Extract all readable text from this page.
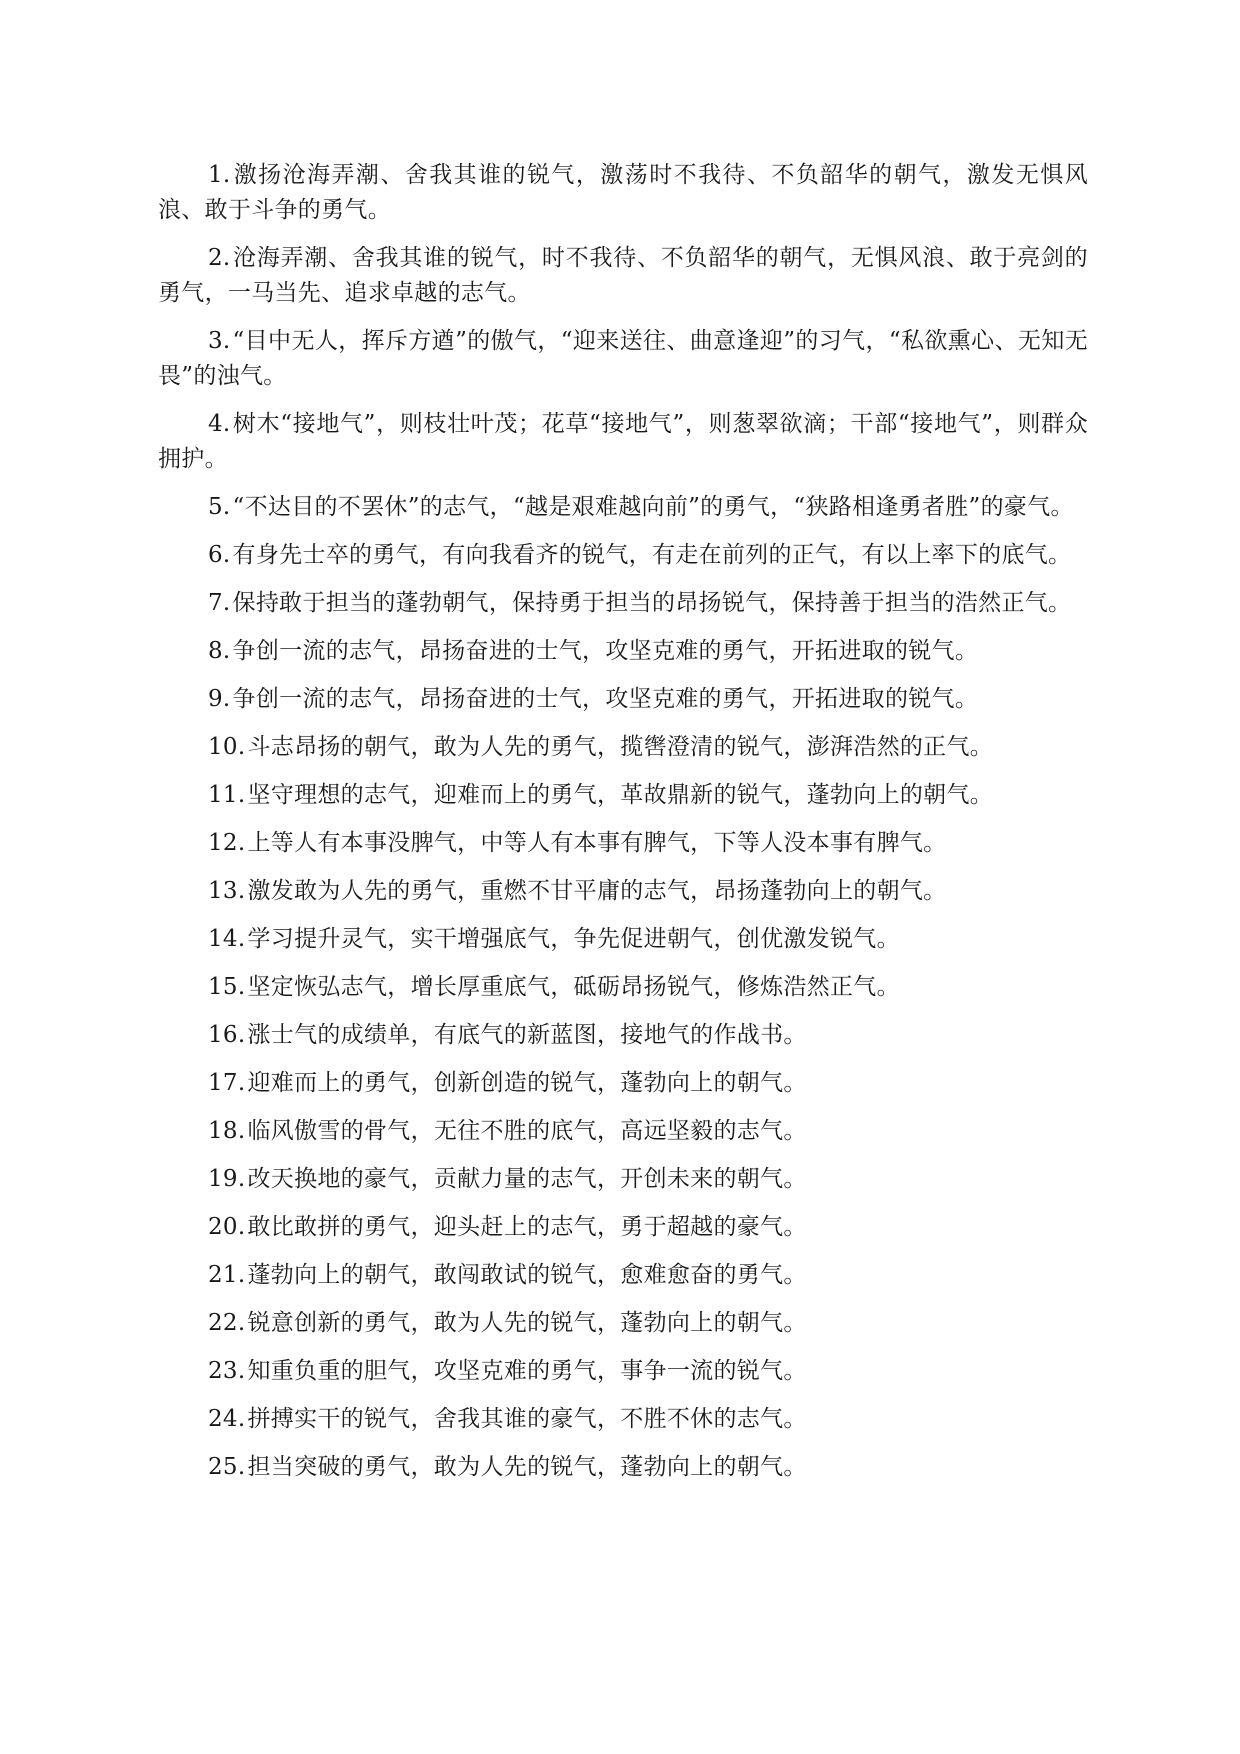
1.激扬沧海弄潮、舍我其谁的锐气，激荡时不我待、不负韶华的朝气，激发无惧风浪、敢于斗争的勇气。

2.沧海弄潮、舍我其谁的锐气，时不我待、不负韶华的朝气，无惧风浪、敢于亮剑的勇气，一马当先、追求卓越的志气。

3.“目中无人，挥斥方遒”的傲气，“迎来送往、曲意逢迎”的习气，“私欲熏心、无知无畏”的浊气。

4.树木“接地气”，则枝壮叶茂；花草“接地气”，则葱翠欲滴；干部“接地气”，则群众拥护。

5.“不达目的不罢休”的志气，“越是艰难越向前”的勇气，“狭路相逢勇者胜”的豪气。

6.有身先士卒的勇气，有向我看齐的锐气，有走在前列的正气，有以上率下的底气。

7.保持敢于担当的蓬勃朝气，保持勇于担当的昂扬锐气，保持善于担当的浩然正气。

8.争创一流的志气，昂扬奋进的士气，攻坚克难的勇气，开拓进取的锐气。

9.争创一流的志气，昂扬奋进的士气，攻坚克难的勇气，开拓进取的锐气。

10.斗志昂扬的朝气，敢为人先的勇气，揽辔澄清的锐气，澎湃浩然的正气。

11.坚守理想的志气，迎难而上的勇气，革故鼎新的锐气，蓬勃向上的朝气。

12.上等人有本事没脾气，中等人有本事有脾气，下等人没本事有脾气。

13.激发敢为人先的勇气，重燃不甘平庸的志气，昂扬蓬勃向上的朝气。

14.学习提升灵气，实干增强底气，争先促进朝气，创优激发锐气。

15.坚定恢弘志气，增长厚重底气，砥砺昂扬锐气，修炼浩然正气。

16.涨士气的成绩单，有底气的新蓝图，接地气的作战书。

17.迎难而上的勇气，创新创造的锐气，蓬勃向上的朝气。

18.临风傲雪的骨气，无往不胜的底气，高远坚毅的志气。

19.改天换地的豪气，贡献力量的志气，开创未来的朝气。

20.敢比敢拼的勇气，迎头赶上的志气，勇于超越的豪气。

21.蓬勃向上的朝气，敢闯敢试的锐气，愈难愈奋的勇气。

22.锐意创新的勇气，敢为人先的锐气，蓬勃向上的朝气。

23.知重负重的胆气，攻坚克难的勇气，事争一流的锐气。

24.拼搏实干的锐气，舍我其谁的豪气，不胜不休的志气。

25.担当突破的勇气，敢为人先的锐气，蓬勃向上的朝气。
